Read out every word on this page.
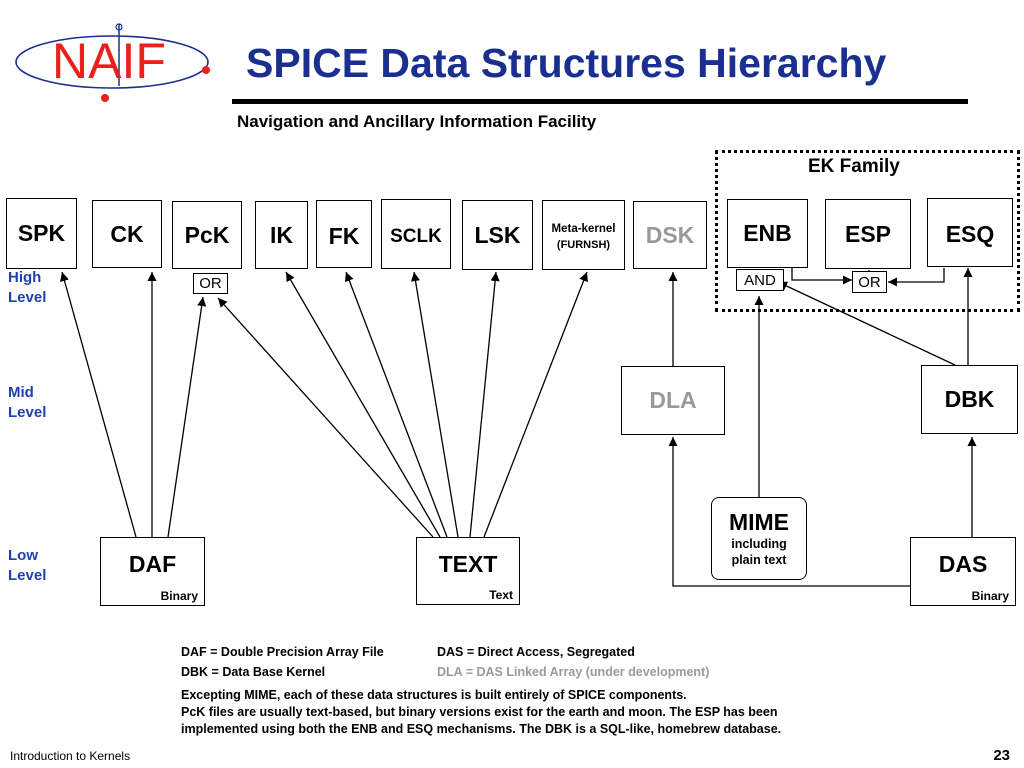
NAIF SPICE Data Structures Hierarchy
Navigation and Ancillary Information Facility
EK Family
SPK CK PcK IK FK SCLK LSK	Meta-kernel
(FURNSH) DSK ENB ESP ESQ
OR	AND	OR
DLA	DBK
DAF
Binary
TEXT
Text
MIME
including
plain text	DAS
Binary
High
Level
Mid
Level
Low
Level
DAF = Double Precision Array File	DAS = Direct Access, Segregated
DBK = Data Base Kernel	DLA = DAS Linked Array (under development)
Excepting MIME, each of these data structures is built entirely of SPICE components.
PcK files are usually text-based, but binary versions exist for the earth and moon. The ESP has been
implemented using both the ENB and ESQ mechanisms. The DBK is a SQL-like, homebrew database.
Introduction to Kernels	23
